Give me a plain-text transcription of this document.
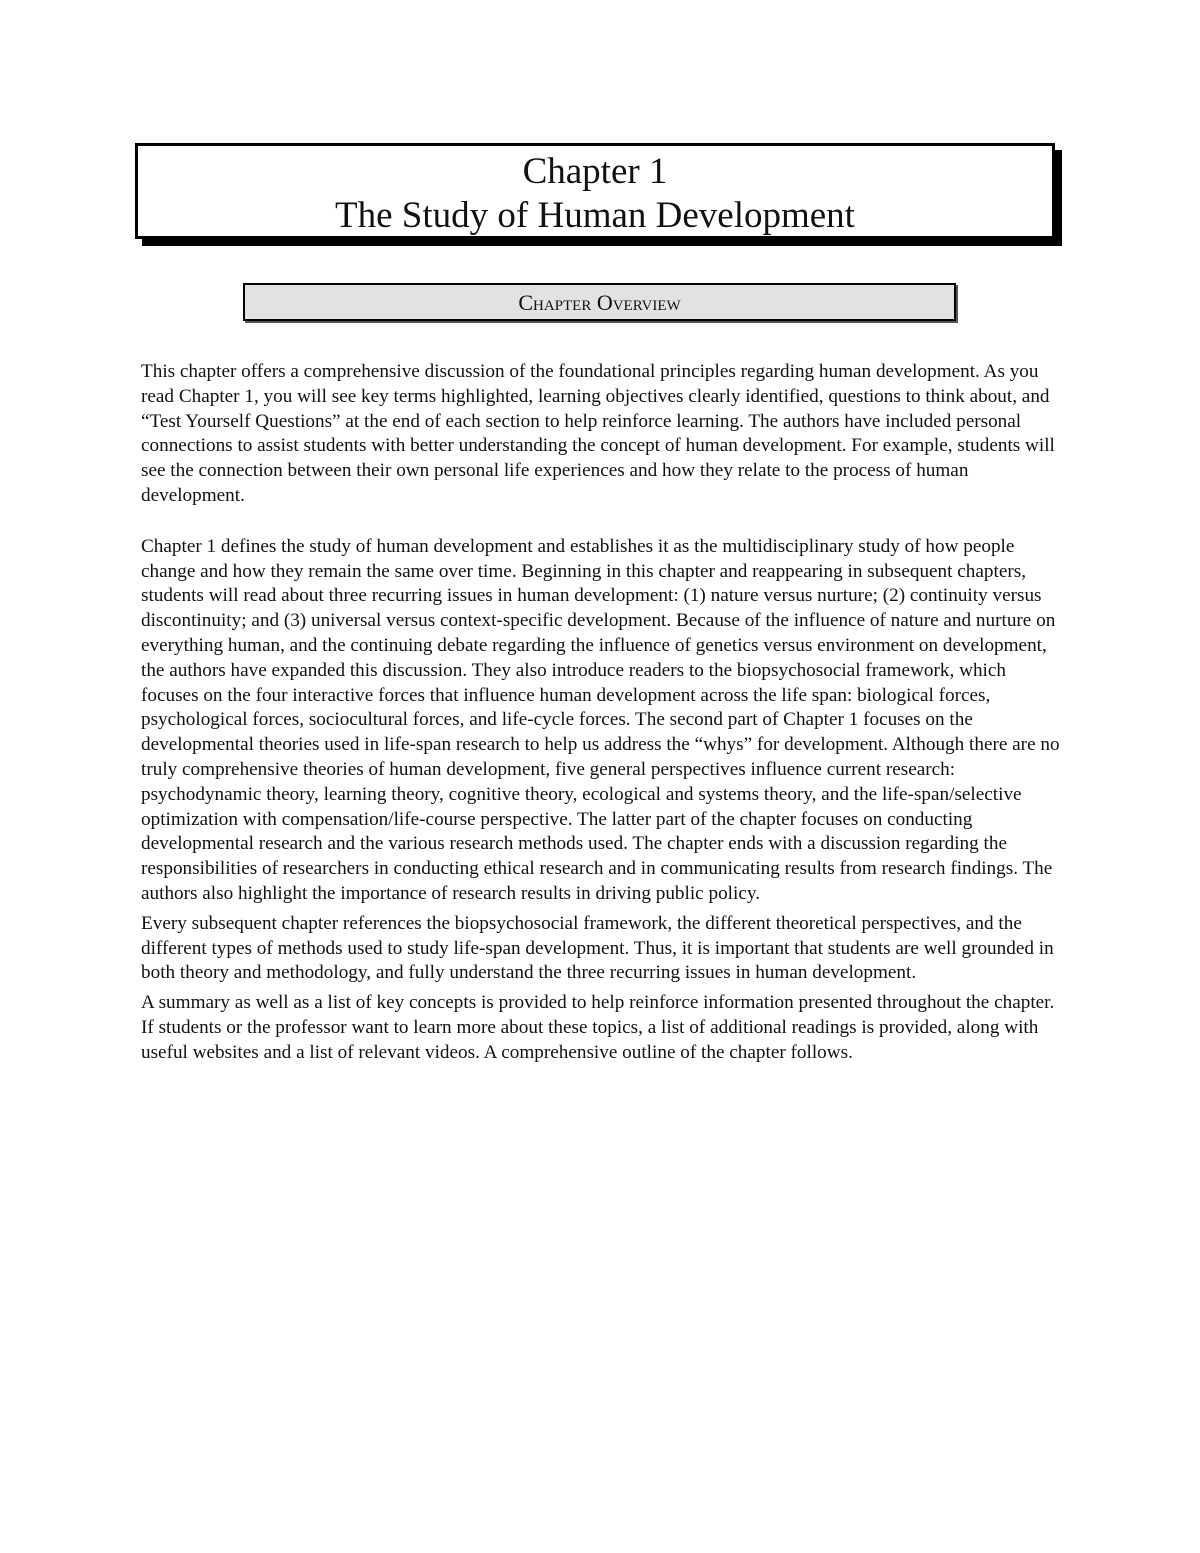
Chapter 1
The Study of Human Development
Chapter Overview

This chapter offers a comprehensive discussion of the foundational principles regarding human development. As you read Chapter 1, you will see key terms highlighted, learning objectives clearly identified, questions to think about, and “Test Yourself Questions” at the end of each section to help reinforce learning. The authors have included personal connections to assist students with better understanding the concept of human development. For example, students will see the connection between their own personal life experiences and how they relate to the process of human development.

Chapter 1 defines the study of human development and establishes it as the multidisciplinary study of how people change and how they remain the same over time. Beginning in this chapter and reappearing in subsequent chapters, students will read about three recurring issues in human development: (1) nature versus nurture; (2) continuity versus discontinuity; and (3) universal versus context-specific development. Because of the influence of nature and nurture on everything human, and the continuing debate regarding the influence of genetics versus environment on development, the authors have expanded this discussion. They also introduce readers to the biopsychosocial framework, which focuses on the four interactive forces that influence human development across the life span: biological forces, psychological forces, sociocultural forces, and life-cycle forces. The second part of Chapter 1 focuses on the developmental theories used in life-span research to help us address the “whys” for development. Although there are no truly comprehensive theories of human development, five general perspectives influence current research: psychodynamic theory, learning theory, cognitive theory, ecological and systems theory, and the life-span/selective optimization with compensation/life-course perspective. The latter part of the chapter focuses on conducting developmental research and the various research methods used. The chapter ends with a discussion regarding the responsibilities of researchers in conducting ethical research and in communicating results from research findings. The authors also highlight the importance of research results in driving public policy.

Every subsequent chapter references the biopsychosocial framework, the different theoretical perspectives, and the different types of methods used to study life-span development. Thus, it is important that students are well grounded in both theory and methodology, and fully understand the three recurring issues in human development.

A summary as well as a list of key concepts is provided to help reinforce information presented throughout the chapter. If students or the professor want to learn more about these topics, a list of additional readings is provided, along with useful websites and a list of relevant videos. A comprehensive outline of the chapter follows.
